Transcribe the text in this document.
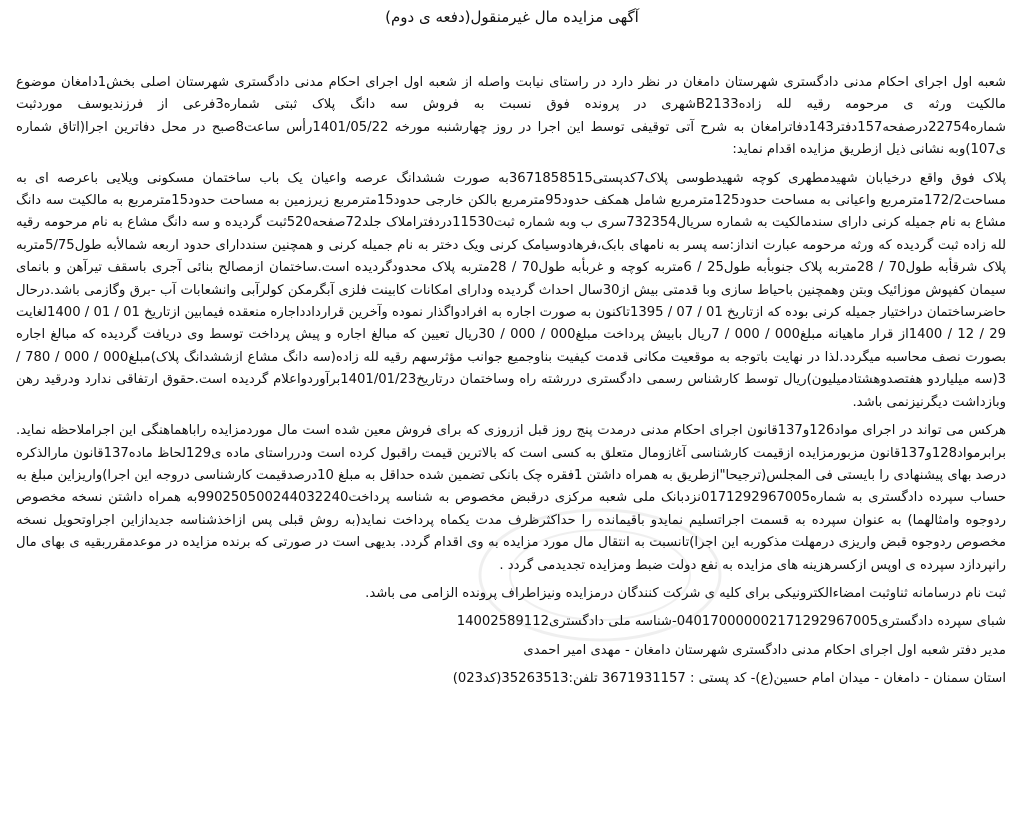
آگهی مزایده مال غیرمنقول(دفعه ی دوم)

شعبه اول اجرای احکام مدنی دادگستری شهرستان دامغان در نظر دارد در راستای نیابت واصله از شعبه اول اجرای احکام مدنی دادگستری شهرستان اصلی بخش1دامغان موضوع مالکیت ورثه ی مرحومه رقیه لله زادهB2133شهری در پرونده فوق نسبت به فروش سه دانگ پلاک ثبتی شماره3فرعی از فرزندیوسف موردثبت شماره22754درصفحه157دفتر143دفاترامغان به شرح آتی توقیفی توسط این اجرا در روز چهارشنبه مورخه 1401/05/22رأس ساعت8صبح در محل دفاترین اجرا(اتاق شماره ی107)وبه نشانی ذیل ازطریق مزایده اقدام نماید:

پلاک فوق واقع درخیابان شهیدمطهری کوچه شهیدطوسی پلاک7کدپستی3671858515به صورت ششدانگ عرصه واعیان یک باب ساختمان مسکونی ویلایی باعرصه ای به مساحت172/2مترمربع واعیانی به مساحت حدود125مترمربع شامل همکف حدود95مترمربع بالکن خارجی حدود15مترمربع زیرزمین به مساحت حدود15مترمربع به مالکیت سه دانگ مشاع به نام جمیله کرنی دارای سندمالکیت به شماره سریال732354سری ب وبه شماره ثبت11530دردفتراملاک جلد72صفحه520ثبت گردیده و سه دانگ مشاع به نام مرحومه رقیه لله زاده ثبت گردیده که ورثه مرحومه عبارت انداز:سه پسر به نامهای بابک،فرهادوسیامک کرنی ویک دختر به نام جمیله کرنی و همچنین سنددارای حدود اربعه شمالأبه طول5/75متربه پلاک شرقأبه طول70 / 28متربه پلاک جنوبأبه طول25 / 6متربه کوچه و غربأبه طول70 / 28متربه پلاک محدودگردیده است.ساختمان ازمصالح بنائی آجری باسقف تیرآهن و بانمای سیمان کفپوش موزائیک وبتن وهمچنین باحیاط سازی وبا قدمتی بیش از30سال احداث گردیده ودارای امکانات کابینت فلزی آبگرمکن کولرآبی وانشعابات آب -برق وگازمی باشد.درحال حاضرساختمان دراختیار جمیله کرنی بوده که ازتاریخ 01 / 07 / 1395تاکنون به صورت اجاره به افرادواگذار نموده وآخرین قراردادداجاره منعقده فیمابین ازتاریخ 01 / 01 / 1400لغایت 29 / 12 / 1400از قرار ماهیانه مبلغ000 / 000 / 7ریال بابیش پرداخت مبلغ000 / 000 / 30ریال تعیین که مبالغ اجاره و پیش پرداخت توسط وی دریافت گردیده که مبالغ اجاره بصورت نصف محاسبه میگردد.لذا در نهایت باتوجه به موقعیت مکانی قدمت کیفیت بناوجمیع جوانب مؤثرسهم رقیه لله زاده(سه دانگ مشاع ازششدانگ پلاک)مبلغ000 / 000 / 780 / 3(سه میلیاردو هفتصدوهشتادمیلیون)ریال توسط کارشناس رسمی دادگستری دررشته راه وساختمان درتاریخ1401/01/23برآوردواعلام گردیده است.حقوق ارتفاقی ندارد ودرقید رهن وبازداشت دیگرنیزنمی باشد.

هرکس می تواند در اجرای مواد126و137قانون اجرای احکام مدنی درمدت پنج روز قبل ازروزی که برای فروش معین شده است مال موردمزایده راباهماهنگی این اجراملاحظه نماید. برابرمواد128و137قانون مزبورمزایده ازقیمت کارشناسی آغازومال متعلق به کسی است که بالاترین قیمت راقبول کرده است ودرراستای ماده ی129لحاظ ماده137قانون مارالذکره درصد بهای پیشنهادی را بایستی فی المجلس(ترجیحا"ازطریق به همراه داشتن 1فقره چک بانکی تضمین شده حداقل به مبلغ 10درصدقیمت کارشناسی دروجه این اجرا)واریزاین مبلغ به حساب سپرده دادگستری به شماره0171292967005نزدبانک ملی شعبه مرکزی درقبض مخصوص به شناسه پرداخت990250500244032240به همراه داشتن نسخه مخصوص ردوجوه وامثالهما) به عنوان سپرده به قسمت اجراتسلیم نمایدو باقیمانده را حداکثرظرف مدت یکماه پرداخت نماید(به روش قبلی پس ازاخذشناسه جدیدازاین اجراوتحویل نسخه مخصوص ردوجوه قبض واریزی درمهلت مذکوربه این اجرا)تانسبت به انتقال مال مورد مزایده به وی اقدام گردد. بدیهی است در صورتی که برنده مزایده در موعدمقرربقیه ی بهای مال رانپردازد سپرده ی اوپس ازکسرهزینه های مزایده به نفع دولت ضبط ومزایده تجدیدمی گردد .

ثبت نام درسامانه ثناوثبت امضاءالکترونیکی برای کلیه ی شرکت کنندگان درمزایده ونیزاطراف پرونده الزامی می باشد.

شبای سپرده دادگستری040170000002171292967005-شناسه ملی دادگستری14002589112

مدیر دفتر شعبه اول اجرای احکام مدنی دادگستری شهرستان دامغان - مهدی امیر احمدی

استان سمنان - دامغان - میدان امام حسین(ع)- کد پستی : 3671931157 تلفن:35263513(کد023)
